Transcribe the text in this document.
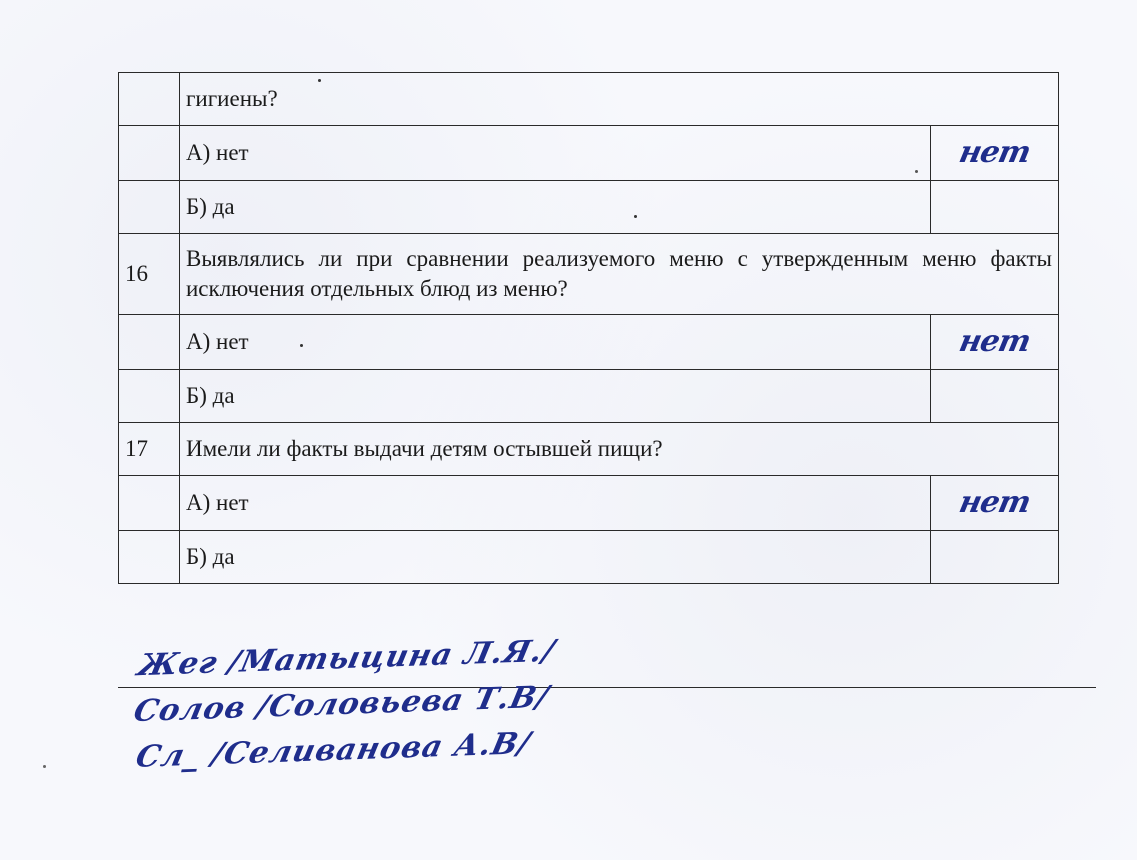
	гигиены?	
	А) нет	нет

	Б) да	

16	Выявлялись ли при сравнении реализуемого меню с утвержденным меню факты исключения отдельных блюд из меню?	
	А) нет	нет

	Б) да	

17	Имели ли факты выдачи детям остывшей пищи?	
	А) нет	нет

	Б) да	
Жег /Матыцина Л.Я./
Солов /Соловьева Т.В/
Сл_ /Селиванова А.В/
